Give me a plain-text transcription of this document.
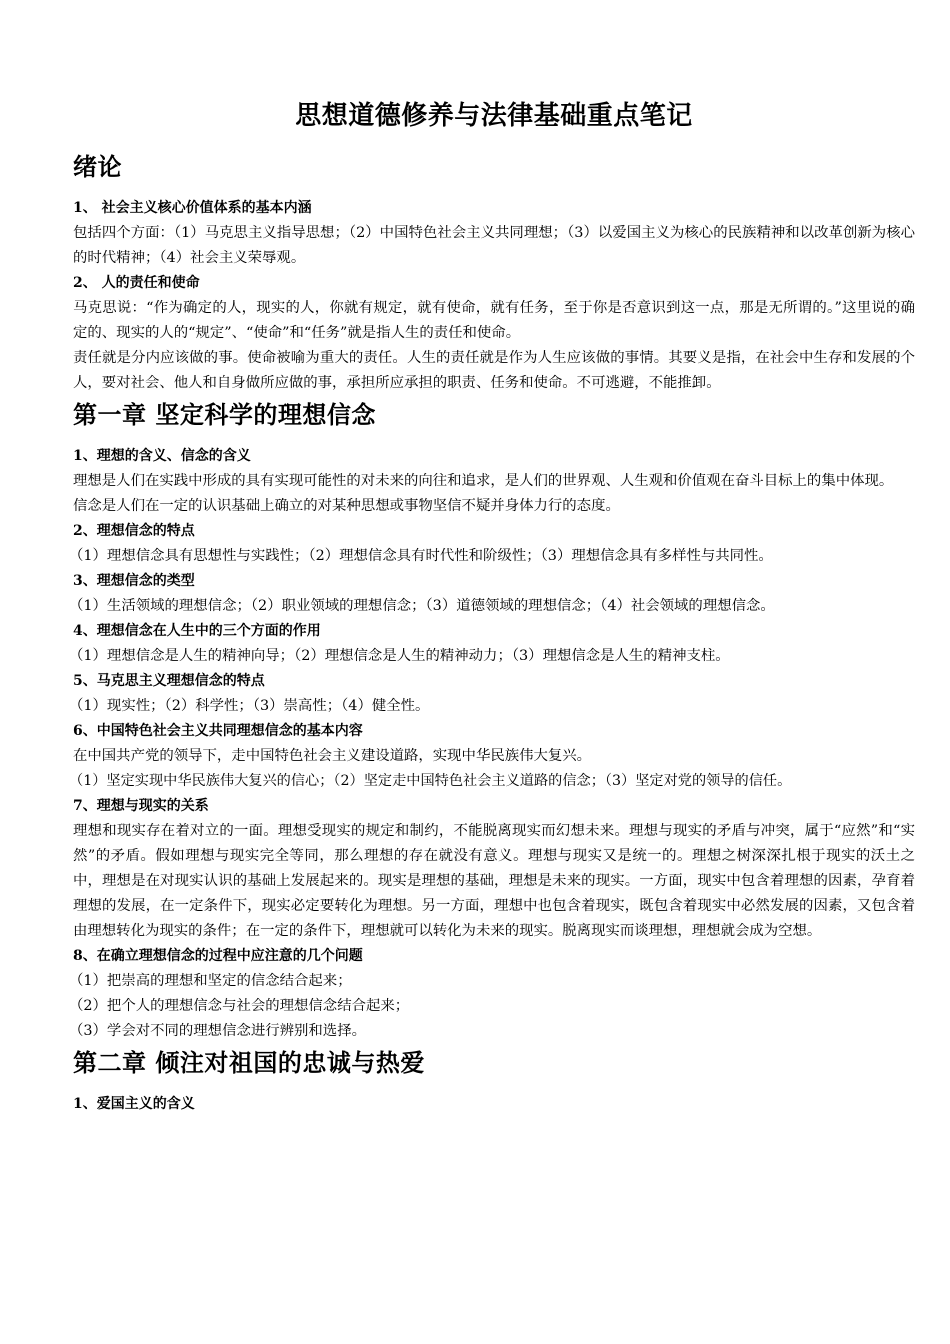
思想道德修养与法律基础重点笔记
绪论
1、 社会主义核心价值体系的基本内涵

包括四个方面：（1）马克思主义指导思想；（2）中国特色社会主义共同理想；（3）以爱国主义为核心的民族精神和以改革创新为核心的时代精神；（4）社会主义荣辱观。

2、 人的责任和使命

马克思说：“作为确定的人，现实的人，你就有规定，就有使命，就有任务，至于你是否意识到这一点，那是无所谓的。”这里说的确定的、现实的人的“规定”、“使命”和“任务”就是指人生的责任和使命。

责任就是分内应该做的事。使命被喻为重大的责任。人生的责任就是作为人生应该做的事情。其要义是指，在社会中生存和发展的个人，要对社会、他人和自身做所应做的事，承担所应承担的职责、任务和使命。不可逃避，不能推卸。

第一章 坚定科学的理想信念
1、理想的含义、信念的含义

理想是人们在实践中形成的具有实现可能性的对未来的向往和追求，是人们的世界观、人生观和价值观在奋斗目标上的集中体现。

信念是人们在一定的认识基础上确立的对某种思想或事物坚信不疑并身体力行的态度。

2、理想信念的特点

（1）理想信念具有思想性与实践性；（2）理想信念具有时代性和阶级性；（3）理想信念具有多样性与共同性。

3、理想信念的类型

（1）生活领域的理想信念；（2）职业领域的理想信念；（3）道德领域的理想信念；（4）社会领域的理想信念。

4、理想信念在人生中的三个方面的作用

（1）理想信念是人生的精神向导；（2）理想信念是人生的精神动力；（3）理想信念是人生的精神支柱。

5、马克思主义理想信念的特点

（1）现实性；（2）科学性；（3）崇高性；（4）健全性。

6、中国特色社会主义共同理想信念的基本内容

在中国共产党的领导下，走中国特色社会主义建设道路，实现中华民族伟大复兴。

（1）坚定实现中华民族伟大复兴的信心；（2）坚定走中国特色社会主义道路的信念；（3）坚定对党的领导的信任。

7、理想与现实的关系

理想和现实存在着对立的一面。理想受现实的规定和制约，不能脱离现实而幻想未来。理想与现实的矛盾与冲突，属于“应然”和“实然”的矛盾。假如理想与现实完全等同，那么理想的存在就没有意义。理想与现实又是统一的。理想之树深深扎根于现实的沃土之中，理想是在对现实认识的基础上发展起来的。现实是理想的基础，理想是未来的现实。一方面，现实中包含着理想的因素，孕育着理想的发展，在一定条件下，现实必定要转化为理想。另一方面，理想中也包含着现实，既包含着现实中必然发展的因素，又包含着由理想转化为现实的条件；在一定的条件下，理想就可以转化为未来的现实。脱离现实而谈理想，理想就会成为空想。

8、在确立理想信念的过程中应注意的几个问题

（1）把崇高的理想和坚定的信念结合起来；

（2）把个人的理想信念与社会的理想信念结合起来；

（3）学会对不同的理想信念进行辨别和选择。

第二章 倾注对祖国的忠诚与热爱
1、爱国主义的含义
